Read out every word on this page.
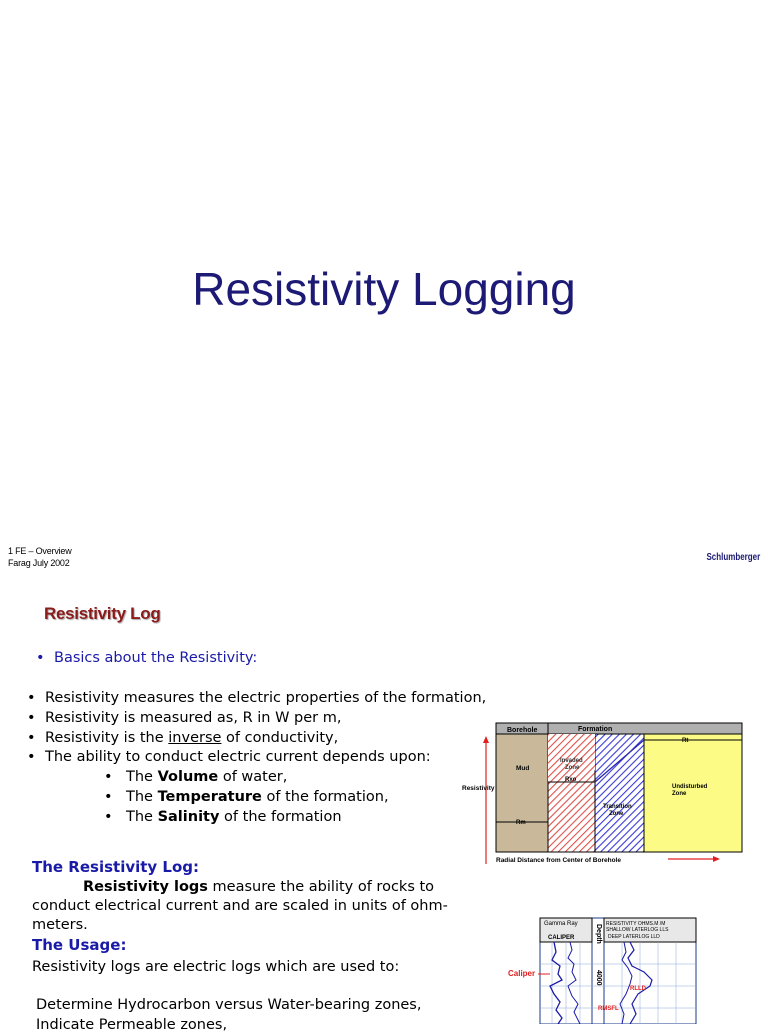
Resistivity Logging
1 FE – Overview
Farag July 2002	Schlumberger
Resistivity Log
• Basics about the Resistivity:
• Resistivity measures the electric properties of the formation,
• Resistivity is measured as, R in W per m,
• Resistivity is the inverse of conductivity,
• The ability to conduct electric current depends upon:
• The Volume of water,
• The Temperature of the formation,
• The Salinity of the formation
The Resistivity Log:
Resistivity logs measure the ability of rocks to
conduct electrical current and are scaled in units of ohm-
meters.
The Usage:
Resistivity logs are electric logs which are used to:
Determine Hydrocarbon versus Water-bearing zones,
Indicate Permeable zones,
Borehole	Formation
Mud
Invaded
Zone
Rxo
Transition
Zone
Undisturbed
Zone
Rt
Rm
Resistivity
Radial Distance from Center of Borehole
Gamma Ray
CALIPER
RESISTIVITY OHMS.M /M
SHALLOW LATERLOG LLS
DEEP LATERLOG LLD
Depth
4000
Caliper
RLLD
RMSFL
